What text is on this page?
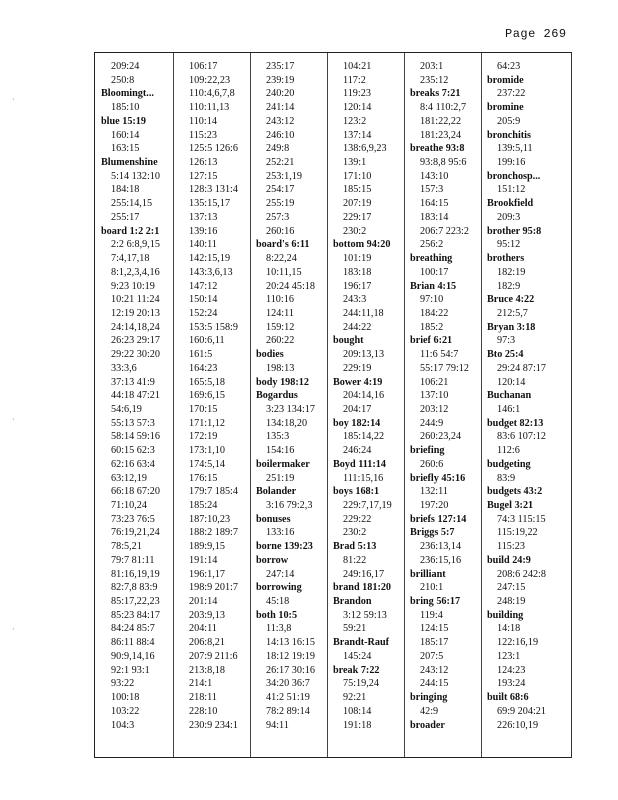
Page 269
·
·
·
209:24
250:8
Bloomingt...
185:10
blue 15:19
160:14
163:15
Blumenshine
5:14 132:10
184:18
255:14,15
255:17
board 1:2 2:1
2:2 6:8,9,15
7:4,17,18
8:1,2,3,4,16
9:23 10:19
10:21 11:24
12:19 20:13
24:14,18,24
26:23 29:17
29:22 30:20
33:3,6
37:13 41:9
44:18 47:21
54:6,19
55:13 57:3
58:14 59:16
60:15 62:3
62:16 63:4
63:12,19
66:18 67:20
71:10,24
73:23 76:5
76:19,21,24
78:5,21
79:7 81:11
81:16,19,19
82:7,8 83:9
85:17,22,23
85:23 84:17
84:24 85:7
86:11 88:4
90:9,14,16
92:1 93:1
93:22
100:18
103:22
104:3
106:17
109:22,23
110:4,6,7,8
110:11,13
110:14
115:23
125:5 126:6
126:13
127:15
128:3 131:4
135:15,17
137:13
139:16
140:11
142:15,19
143:3,6,13
147:12
150:14
152:24
153:5 158:9
160:6,11
161:5
164:23
165:5,18
169:6,15
170:15
171:1,12
172:19
173:1,10
174:5,14
176:15
179:7 185:4
185:24
187:10,23
188:2 189:7
189:9,15
191:14
196:1,17
198:9 201:7
201:14
203:9,13
204:11
206:8,21
207:9 211:6
213:8,18
214:1
218:11
228:10
230:9 234:1
235:17
239:19
240:20
241:14
243:12
246:10
249:8
252:21
253:1,19
254:17
255:19
257:3
260:16
board's 6:11
8:22,24
10:11,15
20:24 45:18
110:16
124:11
159:12
260:22
bodies
198:13
body 198:12
Bogardus
3:23 134:17
134:18,20
135:3
154:16
boilermaker
251:19
Bolander
3:16 79:2,3
bonuses
133:16
borne 139:23
borrow
247:14
borrowing
45:18
both 10:5
11:3,8
14:13 16:15
18:12 19:19
26:17 30:16
34:20 36:7
41:2 51:19
78:2 89:14
94:11
104:21
117:2
119:23
120:14
123:2
137:14
138:6,9,23
139:1
171:10
185:15
207:19
229:17
230:2
bottom 94:20
101:19
183:18
196:17
243:3
244:11,18
244:22
bought
209:13,13
229:19
Bower 4:19
204:14,16
204:17
boy 182:14
185:14,22
246:24
Boyd 111:14
111:15,16
boys 168:1
229:7,17,19
229:22
230:2
Brad 5:13
81:22
249:16,17
brand 181:20
Brandon
3:12 59:13
59:21
Brandt-Rauf
145:24
break 7:22
75:19,24
92:21
108:14
191:18
203:1
235:12
breaks 7:21
8:4 110:2,7
181:22,22
181:23,24
breathe 93:8
93:8,8 95:6
143:10
157:3
164:15
183:14
206:7 223:2
256:2
breathing
100:17
Brian 4:15
97:10
184:22
185:2
brief 6:21
11:6 54:7
55:17 79:12
106:21
137:10
203:12
244:9
260:23,24
briefing
260:6
briefly 45:16
132:11
197:20
briefs 127:14
Briggs 5:7
236:13,14
236:15,16
brilliant
210:1
bring 56:17
119:4
124:15
185:17
207:5
243:12
244:15
bringing
42:9
broader
64:23
bromide
237:22
bromine
205:9
bronchitis
139:5,11
199:16
bronchosp...
151:12
Brookfield
209:3
brother 95:8
95:12
brothers
182:19
182:9
Bruce 4:22
212:5,7
Bryan 3:18
97:3
Bto 25:4
29:24 87:17
120:14
Buchanan
146:1
budget 82:13
83:6 107:12
112:6
budgeting
83:9
budgets 43:2
Bugel 3:21
74:3 115:15
115:19,22
115:23
build 24:9
208:6 242:8
247:15
248:19
building
14:18
122:16,19
123:1
124:23
193:24
built 68:6
69:9 204:21
226:10,19
